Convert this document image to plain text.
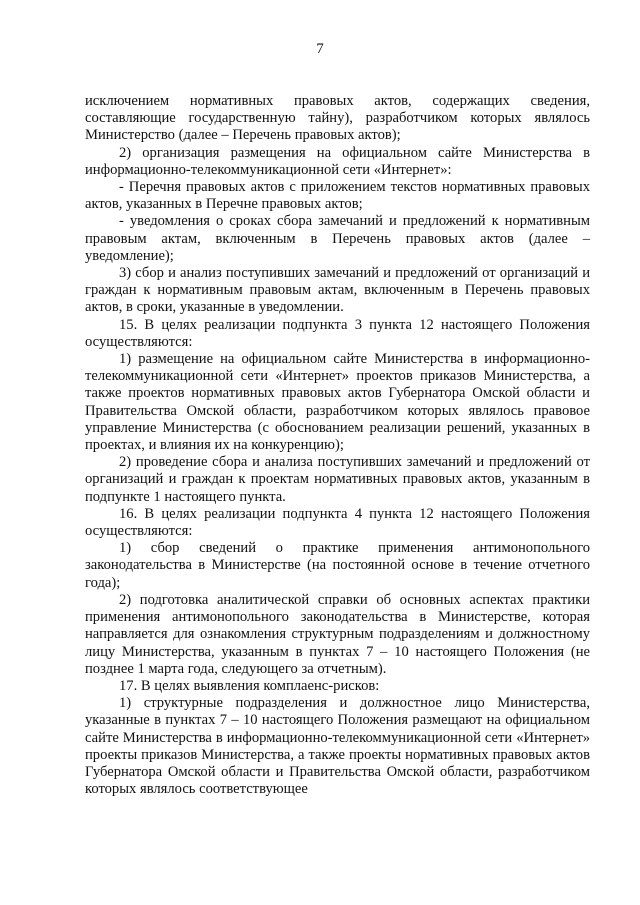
7

исключением нормативных правовых актов, содержащих сведения, составляющие государственную тайну), разработчиком которых являлось Министерство (далее – Перечень правовых актов);

2) организация размещения на официальном сайте Министерства в информационно-телекоммуникационной сети «Интернет»:

- Перечня правовых актов с приложением текстов нормативных правовых актов, указанных в Перечне правовых актов;

- уведомления о сроках сбора замечаний и предложений к нормативным правовым актам, включенным в Перечень правовых актов (далее – уведомление);

3) сбор и анализ поступивших замечаний и предложений от организаций и граждан к нормативным правовым актам, включенным в Перечень правовых актов, в сроки, указанные в уведомлении.

15. В целях реализации подпункта 3 пункта 12 настоящего Положения осуществляются:

1) размещение на официальном сайте Министерства в информационно-телекоммуникационной сети «Интернет» проектов приказов Министерства, а также проектов нормативных правовых актов Губернатора Омской области и Правительства Омской области, разработчиком которых являлось правовое управление Министерства (с обоснованием реализации решений, указанных в проектах, и влияния их на конкуренцию);

2) проведение сбора и анализа поступивших замечаний и предложений от организаций и граждан к проектам нормативных правовых актов, указанным в подпункте 1 настоящего пункта.

16. В целях реализации подпункта 4 пункта 12 настоящего Положения осуществляются:

1) сбор сведений о практике применения антимонопольного законодательства в Министерстве (на постоянной основе в течение отчетного года);

2) подготовка аналитической справки об основных аспектах практики применения антимонопольного законодательства в Министерстве, которая направляется для ознакомления структурным подразделениям и должностному лицу Министерства, указанным в пунктах 7 – 10 настоящего Положения (не позднее 1 марта года, следующего за отчетным).

17. В целях выявления комплаенс-рисков:

1) структурные подразделения и должностное лицо Министерства, указанные в пунктах 7 – 10 настоящего Положения размещают на официальном сайте Министерства в информационно-телекоммуникационной сети «Интернет» проекты приказов Министерства, а также проекты нормативных правовых актов Губернатора Омской области и Правительства Омской области, разработчиком которых являлось соответствующее
